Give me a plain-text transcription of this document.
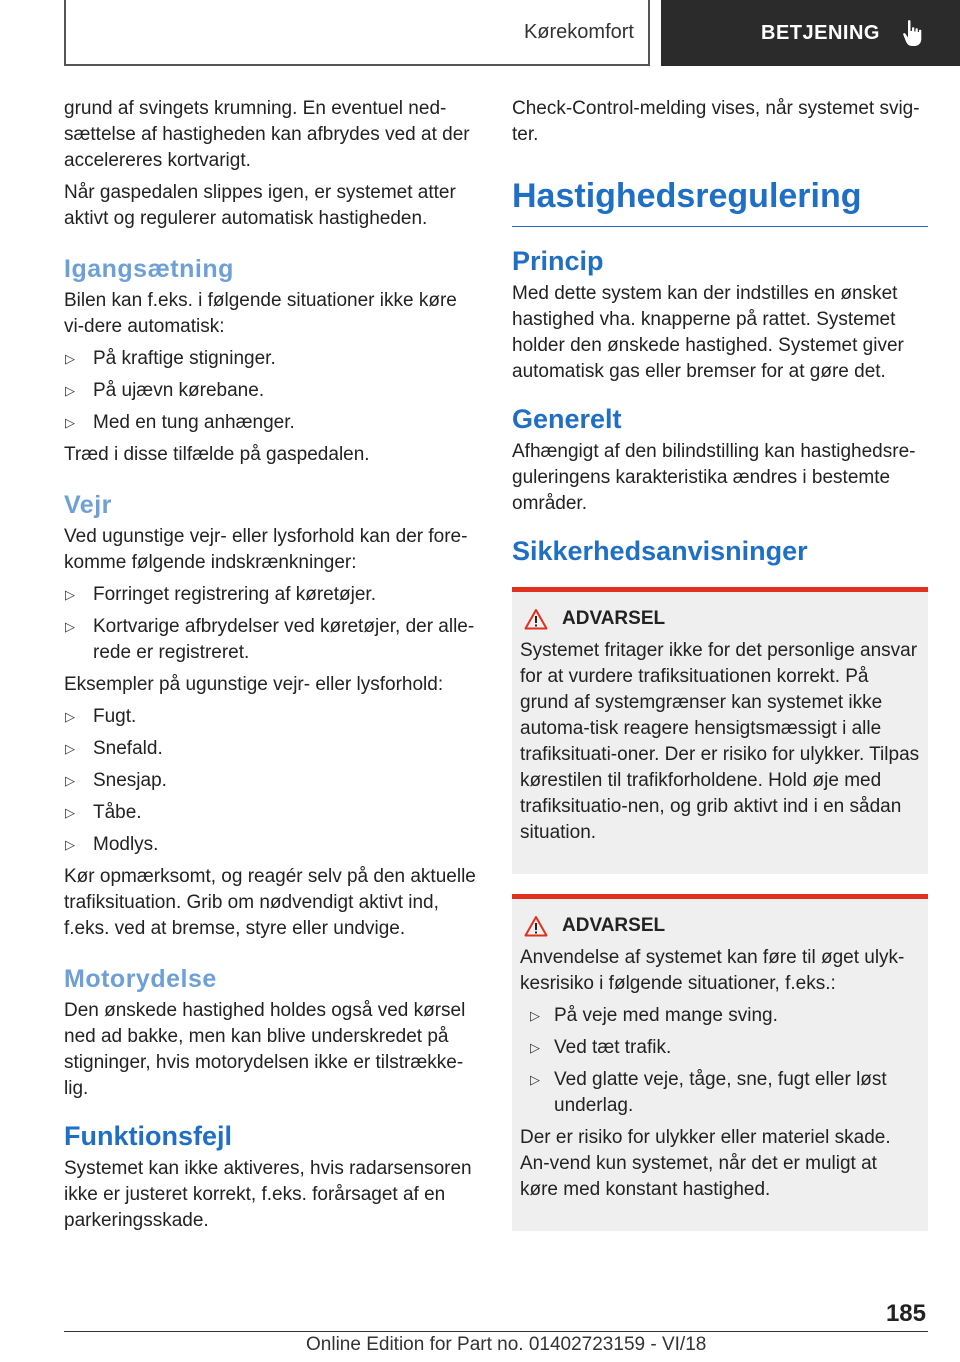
Kørekomfort	BETJENING

grund af svingets krumning. En eventuel ned-sættelse af hastigheden kan afbrydes ved at der accelereres kortvarigt.

Når gaspedalen slippes igen, er systemet atter aktivt og regulerer automatisk hastigheden.

Igangsætning

Bilen kan f.eks. i følgende situationer ikke køre vi-dere automatisk:

▷ På kraftige stigninger.
▷ På ujævn kørebane.
▷ Med en tung anhænger.

Træd i disse tilfælde på gaspedalen.

Vejr

Ved ugunstige vejr- eller lysforhold kan der fore-komme følgende indskrænkninger:

▷ Forringet registrering af køretøjer.
▷ Kortvarige afbrydelser ved køretøjer, der alle-rede er registreret.

Eksempler på ugunstige vejr- eller lysforhold:

▷ Fugt.
▷ Snefald.
▷ Snesjap.
▷ Tåbe.
▷ Modlys.

Kør opmærksomt, og reagér selv på den aktuelle trafiksituation. Grib om nødvendigt aktivt ind, f.eks. ved at bremse, styre eller undvige.

Motorydelse

Den ønskede hastighed holdes også ved kørsel ned ad bakke, men kan blive underskredet på stigninger, hvis motorydelsen ikke er tilstrække-lig.

Funktionsfejl

Systemet kan ikke aktiveres, hvis radarsensoren ikke er justeret korrekt, f.eks. forårsaget af en parkeringsskade.

Check-Control-melding vises, når systemet svig-ter.

Hastighedsregulering
Princip

Med dette system kan der indstilles en ønsket hastighed vha. knapperne på rattet. Systemet holder den ønskede hastighed. Systemet giver automatisk gas eller bremser for at gøre det.

Generelt

Afhængigt af den bilindstilling kan hastighedsre-guleringens karakteristika ændres i bestemte områder.

Sikkerhedsanvisninger
ADVARSEL

Systemet fritager ikke for det personlige ansvar for at vurdere trafiksituationen korrekt. På grund af systemgrænser kan systemet ikke automa-tisk reagere hensigtsmæssigt i alle trafiksituati-oner. Der er risiko for ulykker. Tilpas kørestilen til trafikforholdene. Hold øje med trafiksituatio-nen, og grib aktivt ind i en sådan situation.

ADVARSEL

Anvendelse af systemet kan føre til øget ulyk-kesrisiko i følgende situationer, f.eks.:

▷ På veje med mange sving.
▷ Ved tæt trafik.
▷ Ved glatte veje, tåge, sne, fugt eller løst underlag.

Der er risiko for ulykker eller materiel skade. An-vend kun systemet, når det er muligt at køre med konstant hastighed.

185
Online Edition for Part no. 01402723159 - VI/18
